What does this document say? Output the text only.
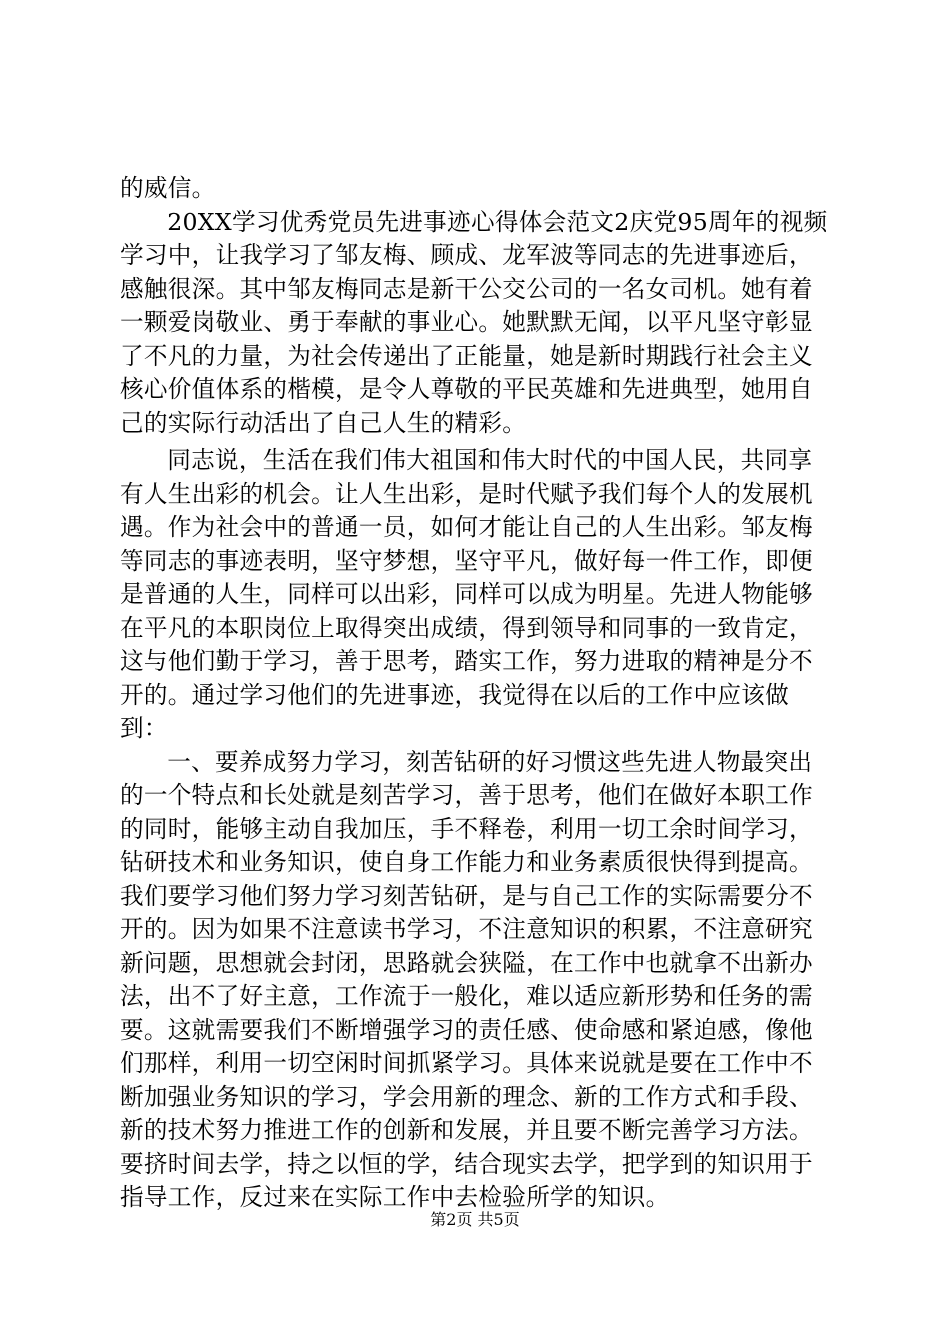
的威信。

20XX学习优秀党员先进事迹心得体会范文2庆党95周年的视频学习中，让我学习了邹友梅、顾成、龙军波等同志的先进事迹后，感触很深。其中邹友梅同志是新干公交公司的一名女司机。她有着一颗爱岗敬业、勇于奉献的事业心。她默默无闻，以平凡坚守彰显了不凡的力量，为社会传递出了正能量，她是新时期践行社会主义核心价值体系的楷模，是令人尊敬的平民英雄和先进典型，她用自己的实际行动活出了自己人生的精彩。

同志说，生活在我们伟大祖国和伟大时代的中国人民，共同享有人生出彩的机会。让人生出彩，是时代赋予我们每个人的发展机遇。作为社会中的普通一员，如何才能让自己的人生出彩。邹友梅等同志的事迹表明，坚守梦想，坚守平凡，做好每一件工作，即便是普通的人生，同样可以出彩，同样可以成为明星。先进人物能够在平凡的本职岗位上取得突出成绩，得到领导和同事的一致肯定，这与他们勤于学习，善于思考，踏实工作，努力进取的精神是分不开的。通过学习他们的先进事迹，我觉得在以后的工作中应该做到：

一、要养成努力学习，刻苦钻研的好习惯这些先进人物最突出的一个特点和长处就是刻苦学习，善于思考，他们在做好本职工作的同时，能够主动自我加压，手不释卷，利用一切工余时间学习，钻研技术和业务知识，使自身工作能力和业务素质很快得到提高。我们要学习他们努力学习刻苦钻研，是与自己工作的实际需要分不开的。因为如果不注意读书学习，不注意知识的积累，不注意研究新问题，思想就会封闭，思路就会狭隘，在工作中也就拿不出新办法，出不了好主意，工作流于一般化，难以适应新形势和任务的需要。这就需要我们不断增强学习的责任感、使命感和紧迫感，像他们那样，利用一切空闲时间抓紧学习。具体来说就是要在工作中不断加强业务知识的学习，学会用新的理念、新的工作方式和手段、新的技术努力推进工作的创新和发展，并且要不断完善学习方法。要挤时间去学，持之以恒的学，结合现实去学，把学到的知识用于指导工作，反过来在实际工作中去检验所学的知识。

第2页 共5页
